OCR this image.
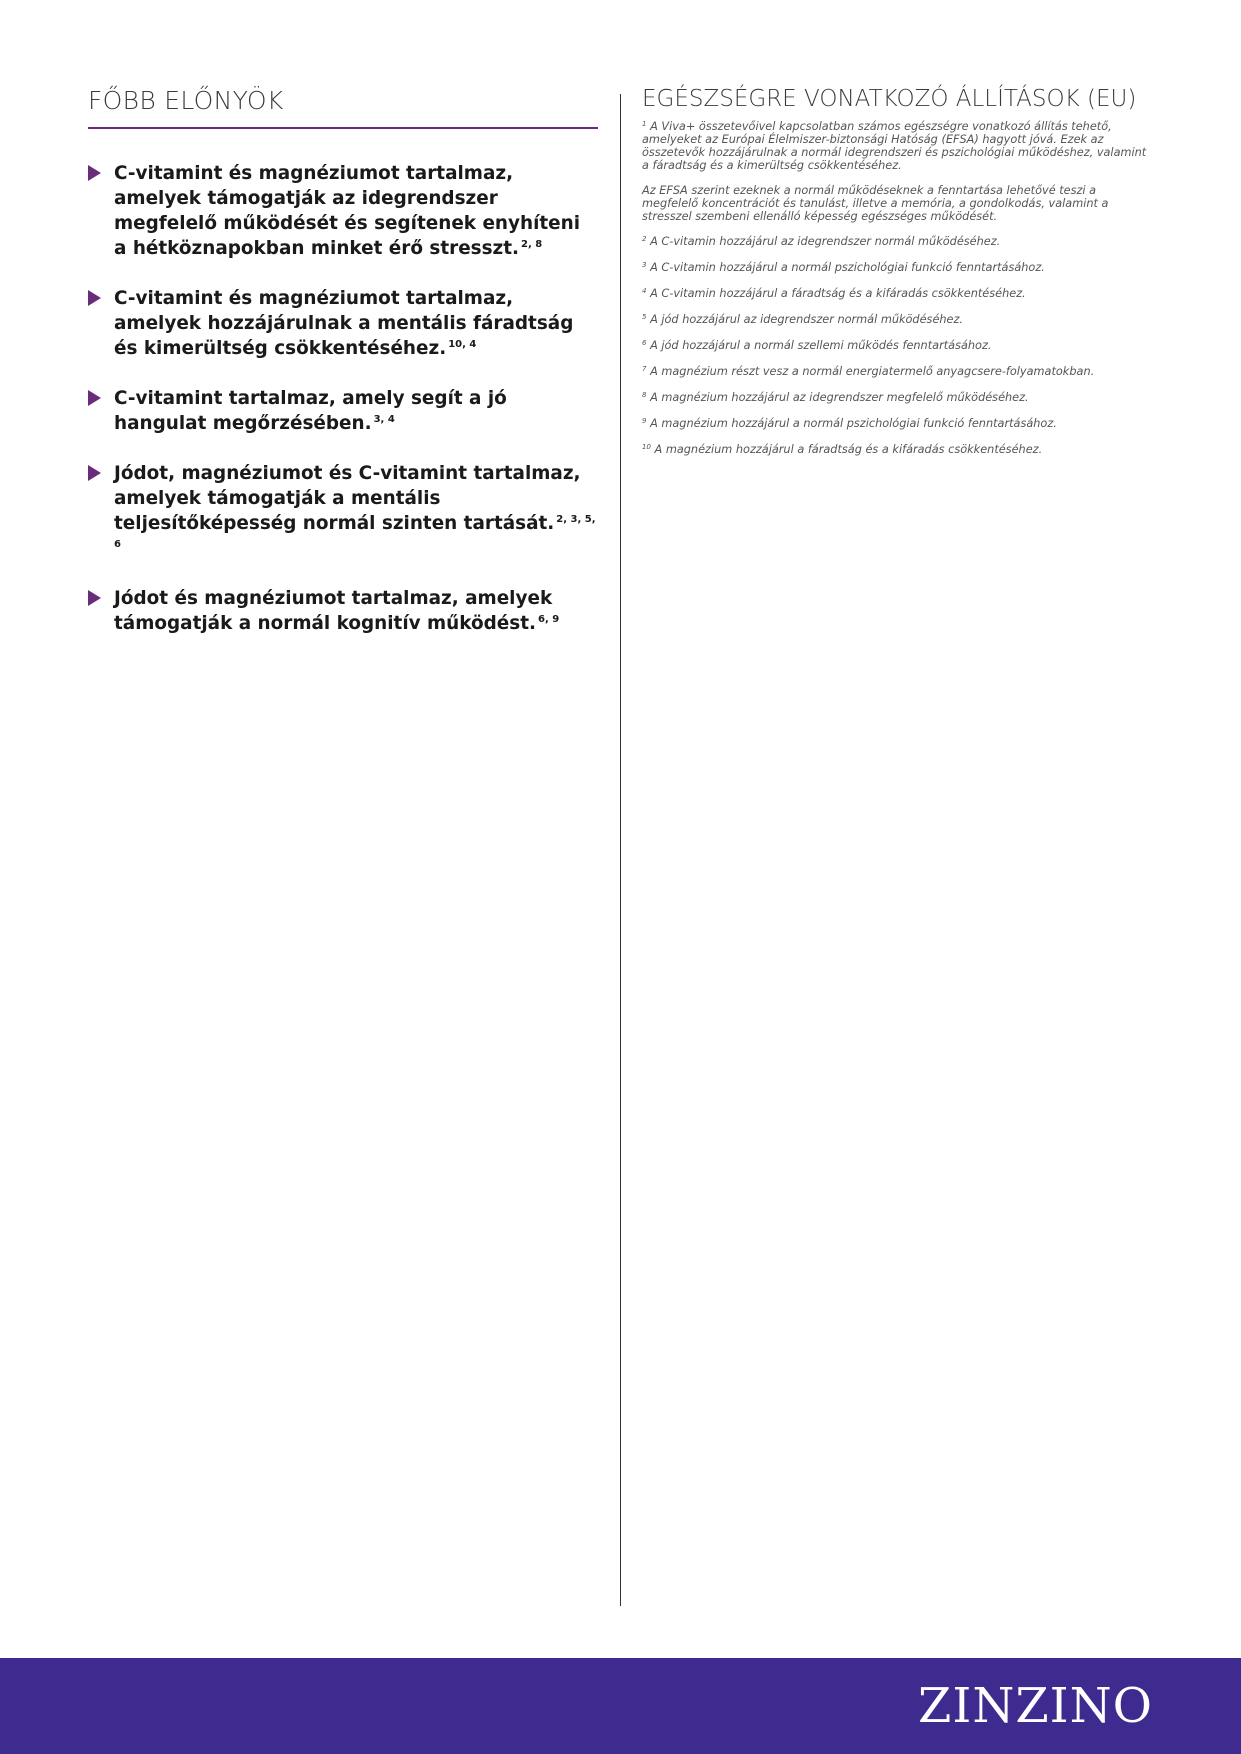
FŐBB ELŐNYÖK
C-vitamint és magnéziumot tartalmaz, amelyek támogatják az idegrendszer megfelelő működését és segítenek enyhíteni a hétköznapokban minket érő stresszt. $^{2, 8}$
C-vitamint és magnéziumot tartalmaz, amelyek hozzájárulnak a mentális fáradtság és kimerültség csökkentéséhez. $^{10, 4}$
C-vitamint tartalmaz, amely segít a jó hangulat megőrzésében. $^{3, 4}$
Jódot, magnéziumot és C-vitamint tartalmaz, amelyek támogatják a mentális teljesítőképesség normál szinten tartását. $^{2, 3, 5, 6}$
Jódot és magnéziumot tartalmaz, amelyek támogatják a normál kognitív működést. $^{6, 9}$
EGÉSZSÉGRE VONATKOZÓ ÁLLÍTÁSOK (EU)

$^1$ A Viva+ összetevőivel kapcsolatban számos egészségre vonatkozó állítás tehető, amelyeket az Európai Élelmiszer-biztonsági Hatóság (EFSA) hagyott jóvá. Ezek az összetevők hozzájárulnak a normál idegrendszeri és pszichológiai működéshez, valamint a fáradtság és a kimerültség csökkentéséhez.

Az EFSA szerint ezeknek a normál működéseknek a fenntartása lehetővé teszi a megfelelő koncentrációt és tanulást, illetve a memória, a gondolkodás, valamint a stresszel szembeni ellenálló képesség egészséges működését.

$^2$ A C-vitamin hozzájárul az idegrendszer normál működéséhez.

$^3$ A C-vitamin hozzájárul a normál pszichológiai funkció fenntartásához.

$^4$ A C-vitamin hozzájárul a fáradtság és a kifáradás csökkentéséhez.

$^5$ A jód hozzájárul az idegrendszer normál működéséhez.

$^6$ A jód hozzájárul a normál szellemi működés fenntartásához.

$^7$ A magnézium részt vesz a normál energiatermelő anyagcsere-folyamatokban.

$^8$ A magnézium hozzájárul az idegrendszer megfelelő működéséhez.

$^9$ A magnézium hozzájárul a normál pszichológiai funkció fenntartásához.

$^{10}$ A magnézium hozzájárul a fáradtság és a kifáradás csökkentéséhez.

ZINZINO
